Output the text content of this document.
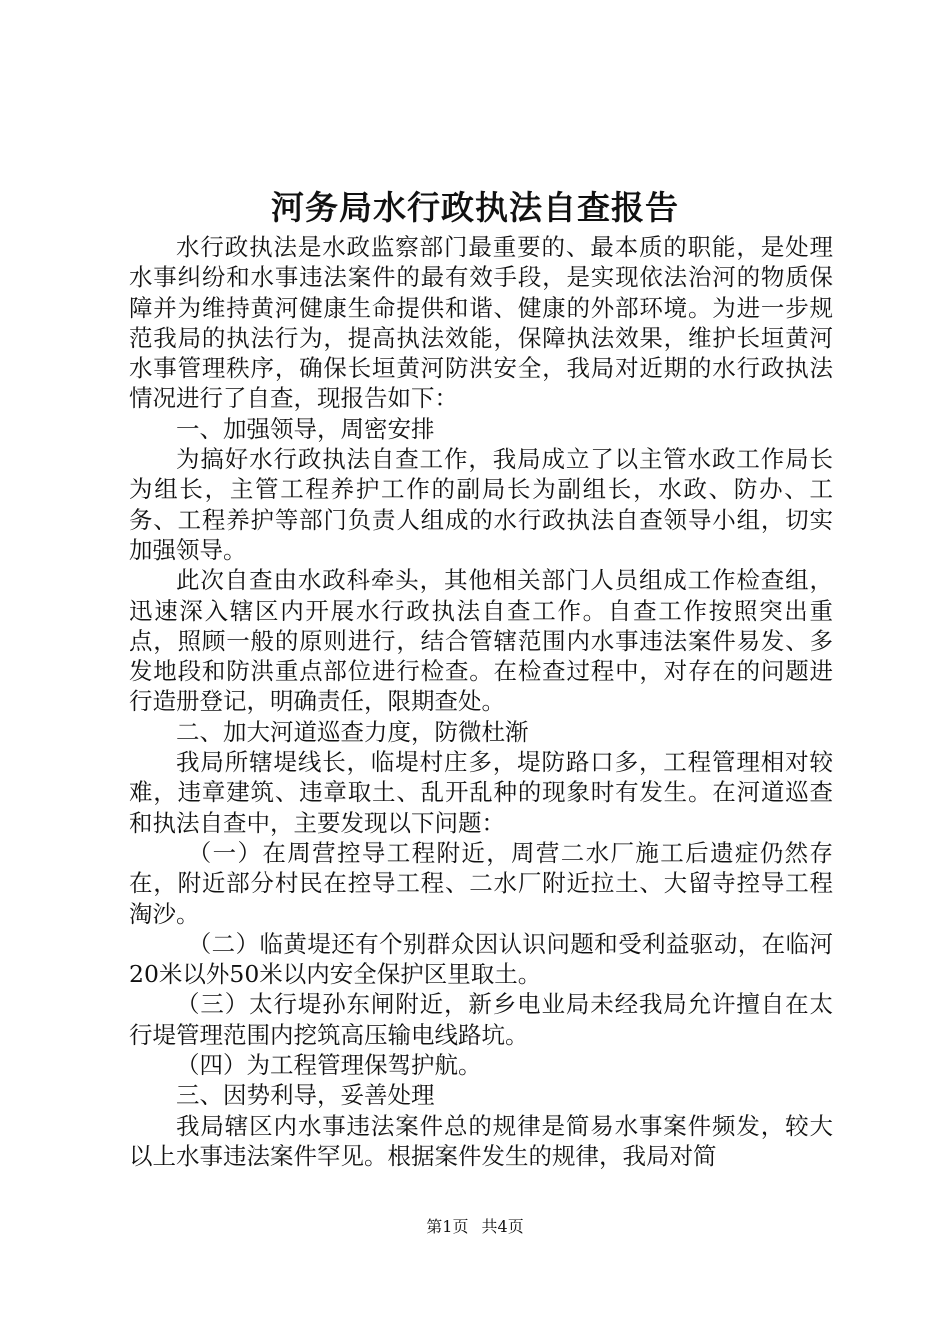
河务局水行政执法自查报告

水行政执法是水政监察部门最重要的、最本质的职能，是处理水事纠纷和水事违法案件的最有效手段，是实现依法治河的物质保障并为维持黄河健康生命提供和谐、健康的外部环境。为进一步规范我局的执法行为，提高执法效能，保障执法效果，维护长垣黄河水事管理秩序，确保长垣黄河防洪安全，我局对近期的水行政执法情况进行了自查，现报告如下：

一、加强领导，周密安排

为搞好水行政执法自查工作，我局成立了以主管水政工作局长为组长，主管工程养护工作的副局长为副组长，水政、防办、工务、工程养护等部门负责人组成的水行政执法自查领导小组，切实加强领导。

此次自查由水政科牵头，其他相关部门人员组成工作检查组，迅速深入辖区内开展水行政执法自查工作。自查工作按照突出重点，照顾一般的原则进行，结合管辖范围内水事违法案件易发、多发地段和防洪重点部位进行检查。在检查过程中，对存在的问题进行造册登记，明确责任，限期查处。

二、加大河道巡查力度，防微杜渐

我局所辖堤线长，临堤村庄多，堤防路口多，工程管理相对较难，违章建筑、违章取土、乱开乱种的现象时有发生。在河道巡查和执法自查中，主要发现以下问题：

（一）在周营控导工程附近，周营二水厂施工后遗症仍然存在，附近部分村民在控导工程、二水厂附近拉土、大留寺控导工程淘沙。

（二）临黄堤还有个别群众因认识问题和受利益驱动，在临河20米以外50米以内安全保护区里取土。

（三）太行堤孙东闸附近，新乡电业局未经我局允许擅自在太行堤管理范围内挖筑高压输电线路坑。

（四）为工程管理保驾护航。

三、因势利导，妥善处理

我局辖区内水事违法案件总的规律是简易水事案件频发，较大以上水事违法案件罕见。根据案件发生的规律，我局对简

第1页 共4页
